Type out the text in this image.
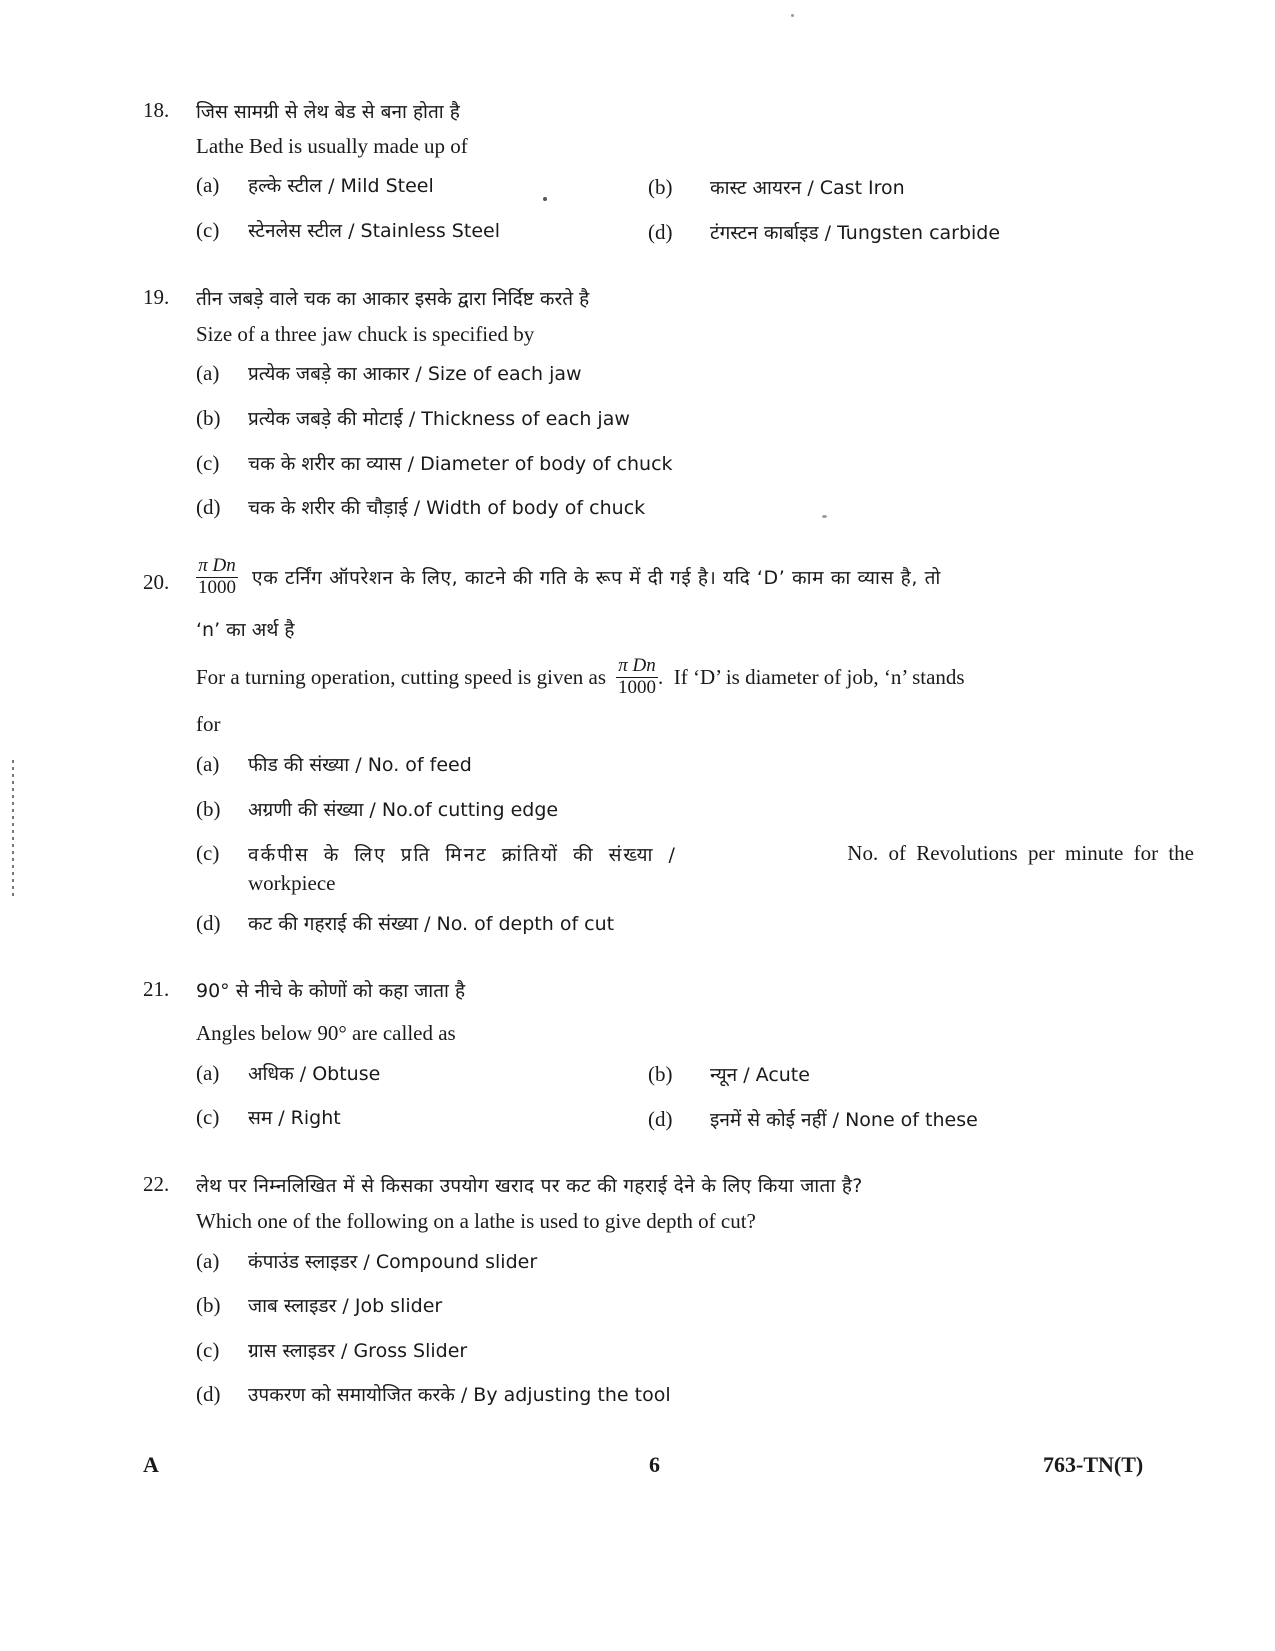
18. जिस सामग्री से लेथ बेड से बना होता है
Lathe Bed is usually made up of
(a) हल्के स्टील / Mild Steel	(b) कास्ट आयरन / Cast Iron
(c) स्टेनलेस स्टील / Stainless Steel	(d) टंगस्टन कार्बाइड / Tungsten carbide
19. तीन जबड़े वाले चक का आकार इसके द्वारा निर्दिष्ट करते है
Size of a three jaw chuck is specified by
(a) प्रत्येक जबड़े का आकार / Size of each jaw
(b) प्रत्येक जबड़े की मोटाई / Thickness of each jaw
(c) चक के शरीर का व्यास / Diameter of body of chuck
(d) चक के शरीर की चौड़ाई / Width of body of chuck
20. $\frac{\text{π Dn}}{1000}$ एक टर्निंग ऑपरेशन के लिए, काटने की गति के रूप में दी गई है। यदि ‘D’ काम का व्यास है, तो
‘n’ का अर्थ है
For a turning operation, cutting speed is given as $\frac{\text{π Dn}}{1000}$ .  If ‘D’ is diameter of job, ‘n’ stands
for
(a) फीड की संख्या / No. of feed
(b) अग्रणी की संख्या / No.of cutting edge
(c) वर्कपीस के लिए प्रति मिनट क्रांतियों की संख्या /	No. of Revolutions per minute for the
workpiece
(d) कट की गहराई की संख्या / No. of depth of cut
21. 90° से नीचे के कोणों को कहा जाता है
Angles below 90° are called as
(a) अधिक / Obtuse	(b) न्यून / Acute
(c) सम / Right	(d) इनमें से कोई नहीं / None of these
22. लेथ पर निम्नलिखित में से किसका उपयोग खराद पर कट की गहराई देने के लिए किया जाता है?
Which one of the following on a lathe is used to give depth of cut?
(a) कंपाउंड स्लाइडर / Compound slider
(b) जाब स्लाइडर / Job slider
(c) ग्रास स्लाइडर / Gross Slider
(d) उपकरण को समायोजित करके / By adjusting the tool
A	6	763-TN(T)
